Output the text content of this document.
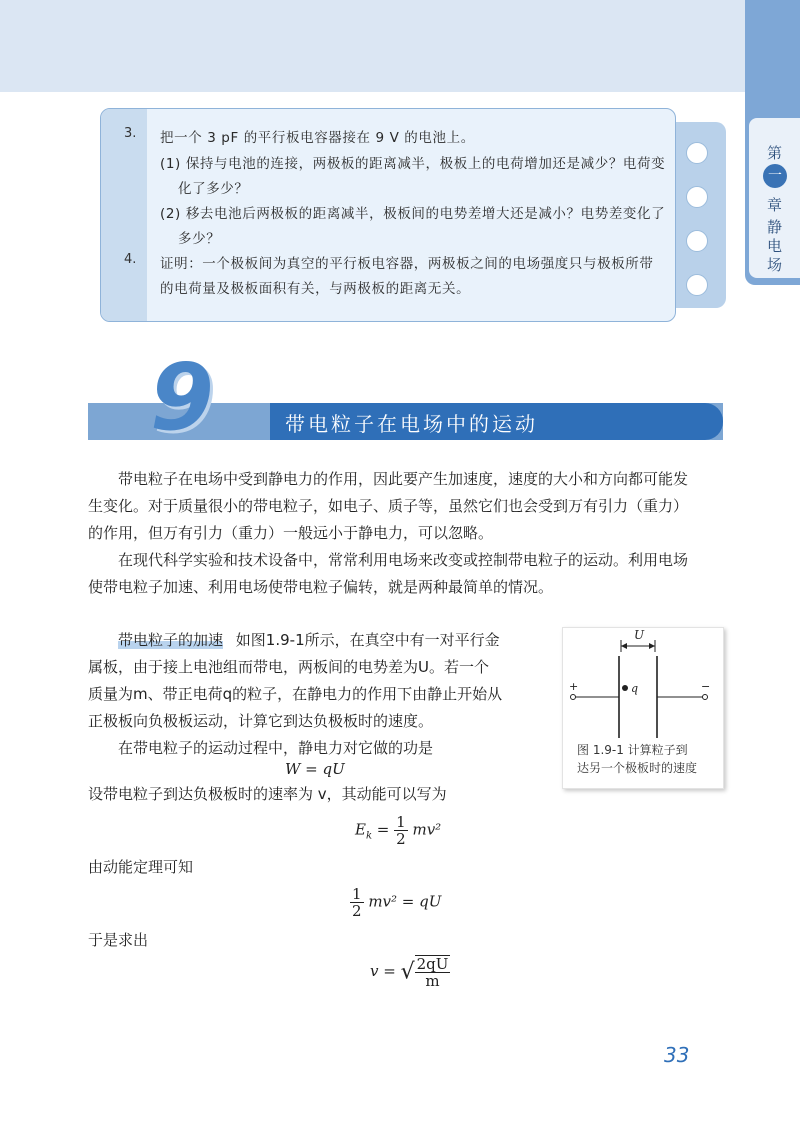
第
一
章
静
电
场
3. 把一个 3 pF 的平行板电容器接在 9 V 的电池上。
(1) 保持与电池的连接，两极板的距离减半，极板上的电荷增加还是减少？电荷变
化了多少？
(2) 移去电池后两极板的距离减半，极板间的电势差增大还是减小？电势差变化了
多少？
4. 证明：一个极板间为真空的平行板电容器，两极板之间的电场强度只与极板所带
的电荷量及极板面积有关，与两极板的距离无关。
9	带电粒子在电场中的运动
带电粒子在电场中受到静电力的作用，因此要产生加速度，速度的大小和方向都可能发
生变化。对于质量很小的带电粒子，如电子、质子等，虽然它们也会受到万有引力（重力）
的作用，但万有引力（重力）一般远小于静电力，可以忽略。
在现代科学实验和技术设备中，常常利用电场来改变或控制带电粒子的运动。利用电场
使带电粒子加速、利用电场使带电粒子偏转，就是两种最简单的情况。
带电粒子的加速 如图1.9-1所示，在真空中有一对平行金
属板，由于接上电池组而带电，两板间的电势差为U。若一个
质量为m、带正电荷q的粒子，在静电力的作用下由静止开始从
正极板向负极板运动，计算它到达负极板时的速度。
在带电粒子的运动过程中，静电力对它做的功是
W = qU
设带电粒子到达负极板时的速率为 v，其动能可以写为
$E_k = \frac{1}{2} mv^2$
由动能定理可知
$\frac{1}{2} mv^2$ = qU
于是求出
v = √ $\frac{2qU}{m}$
U
+	−
q
图 1.9-1 计算粒子到
达另一个极板时的速度
33
